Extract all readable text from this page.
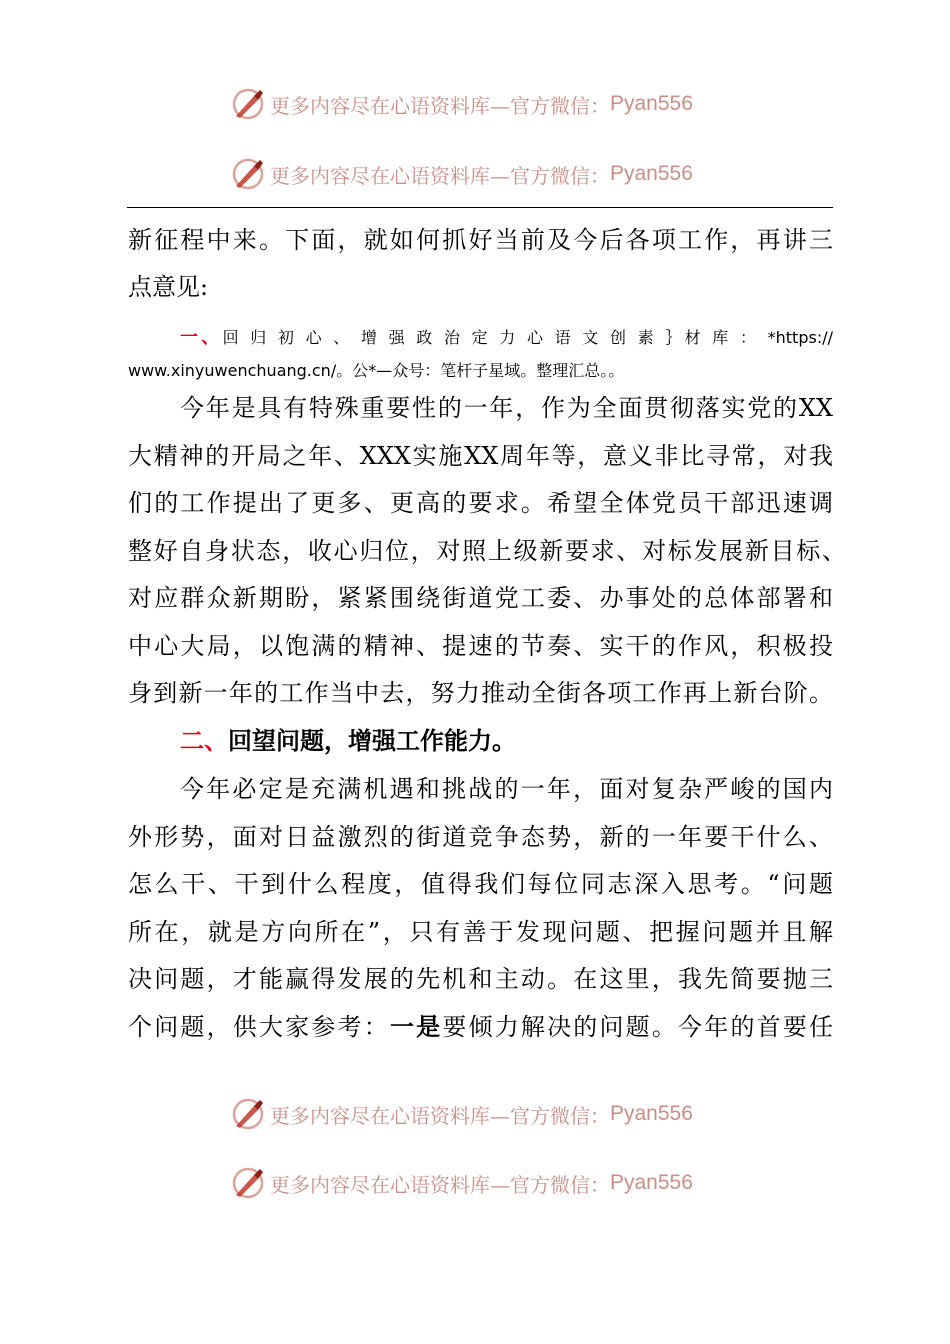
更多内容尽在心语资料库—官方微信： Pyan556
更多内容尽在心语资料库—官方微信： Pyan556
新征程中来。下面，就如何抓好当前及今后各项工作，再讲三
点意见:
一、回 归 初 心 、 增 强 政 治 定 力 心 语 文 创 素 ｝材 库 ： *https://
www.xinyuwenchuang.cn/。公*—众号：笔杆子星域。整理汇总。。
今年是具有特殊重要性的一年，作为全面贯彻落实党的XX
大精神的开局之年、XXX实施XX周年等，意义非比寻常，对我
们的工作提出了更多、更高的要求。希望全体党员干部迅速调
整好自身状态，收心归位，对照上级新要求、对标发展新目标、
对应群众新期盼，紧紧围绕街道党工委、办事处的总体部署和
中心大局，以饱满的精神、提速的节奏、实干的作风，积极投
身到新一年的工作当中去，努力推动全街各项工作再上新台阶。
二、回望问题，增强工作能力。
今年必定是充满机遇和挑战的一年，面对复杂严峻的国内
外形势，面对日益激烈的街道竞争态势，新的一年要干什么、
怎么干、干到什么程度，值得我们每位同志深入思考。“问题
所在，就是方向所在”，只有善于发现问题、把握问题并且解
决问题，才能赢得发展的先机和主动。在这里，我先简要抛三
个问题，供大家参考：一是要倾力解决的问题。今年的首要任
更多内容尽在心语资料库—官方微信： Pyan556
更多内容尽在心语资料库—官方微信： Pyan556
